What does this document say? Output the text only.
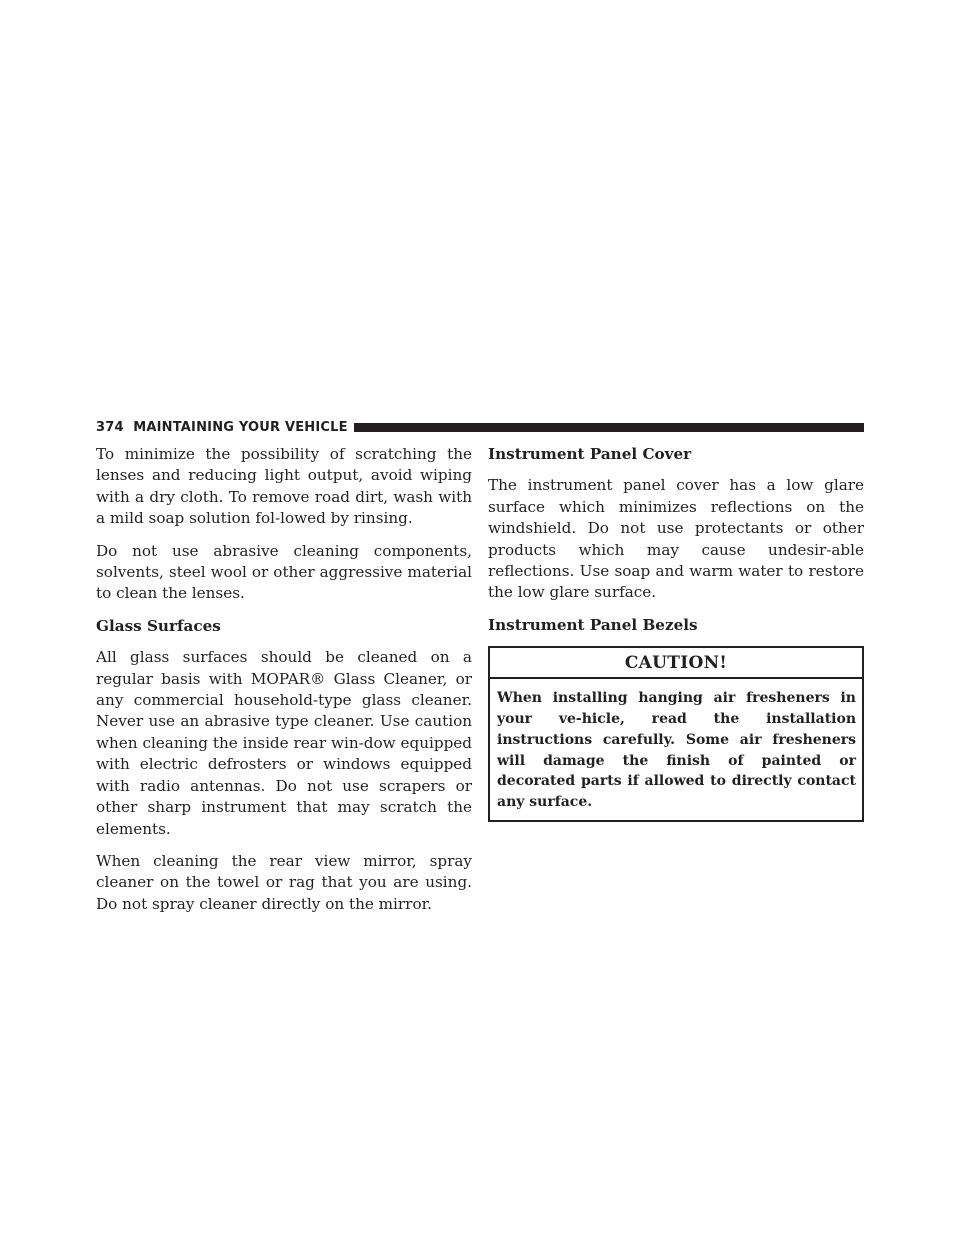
374 MAINTAINING YOUR VEHICLE

To minimize the possibility of scratching the lenses and reducing light output, avoid wiping with a dry cloth. To remove road dirt, wash with a mild soap solution fol-lowed by rinsing.

Do not use abrasive cleaning components, solvents, steel wool or other aggressive material to clean the lenses.

Glass Surfaces

All glass surfaces should be cleaned on a regular basis with MOPAR® Glass Cleaner, or any commercial household-type glass cleaner. Never use an abrasive type cleaner. Use caution when cleaning the inside rear win-dow equipped with electric defrosters or windows equipped with radio antennas. Do not use scrapers or other sharp instrument that may scratch the elements.

When cleaning the rear view mirror, spray cleaner on the towel or rag that you are using. Do not spray cleaner directly on the mirror.

Instrument Panel Cover

The instrument panel cover has a low glare surface which minimizes reflections on the windshield. Do not use protectants or other products which may cause undesir-able reflections. Use soap and warm water to restore the low glare surface.

Instrument Panel Bezels
CAUTION!
When installing hanging air fresheners in your ve-hicle, read the installation instructions carefully. Some air fresheners will damage the finish of painted or decorated parts if allowed to directly contact any surface.
